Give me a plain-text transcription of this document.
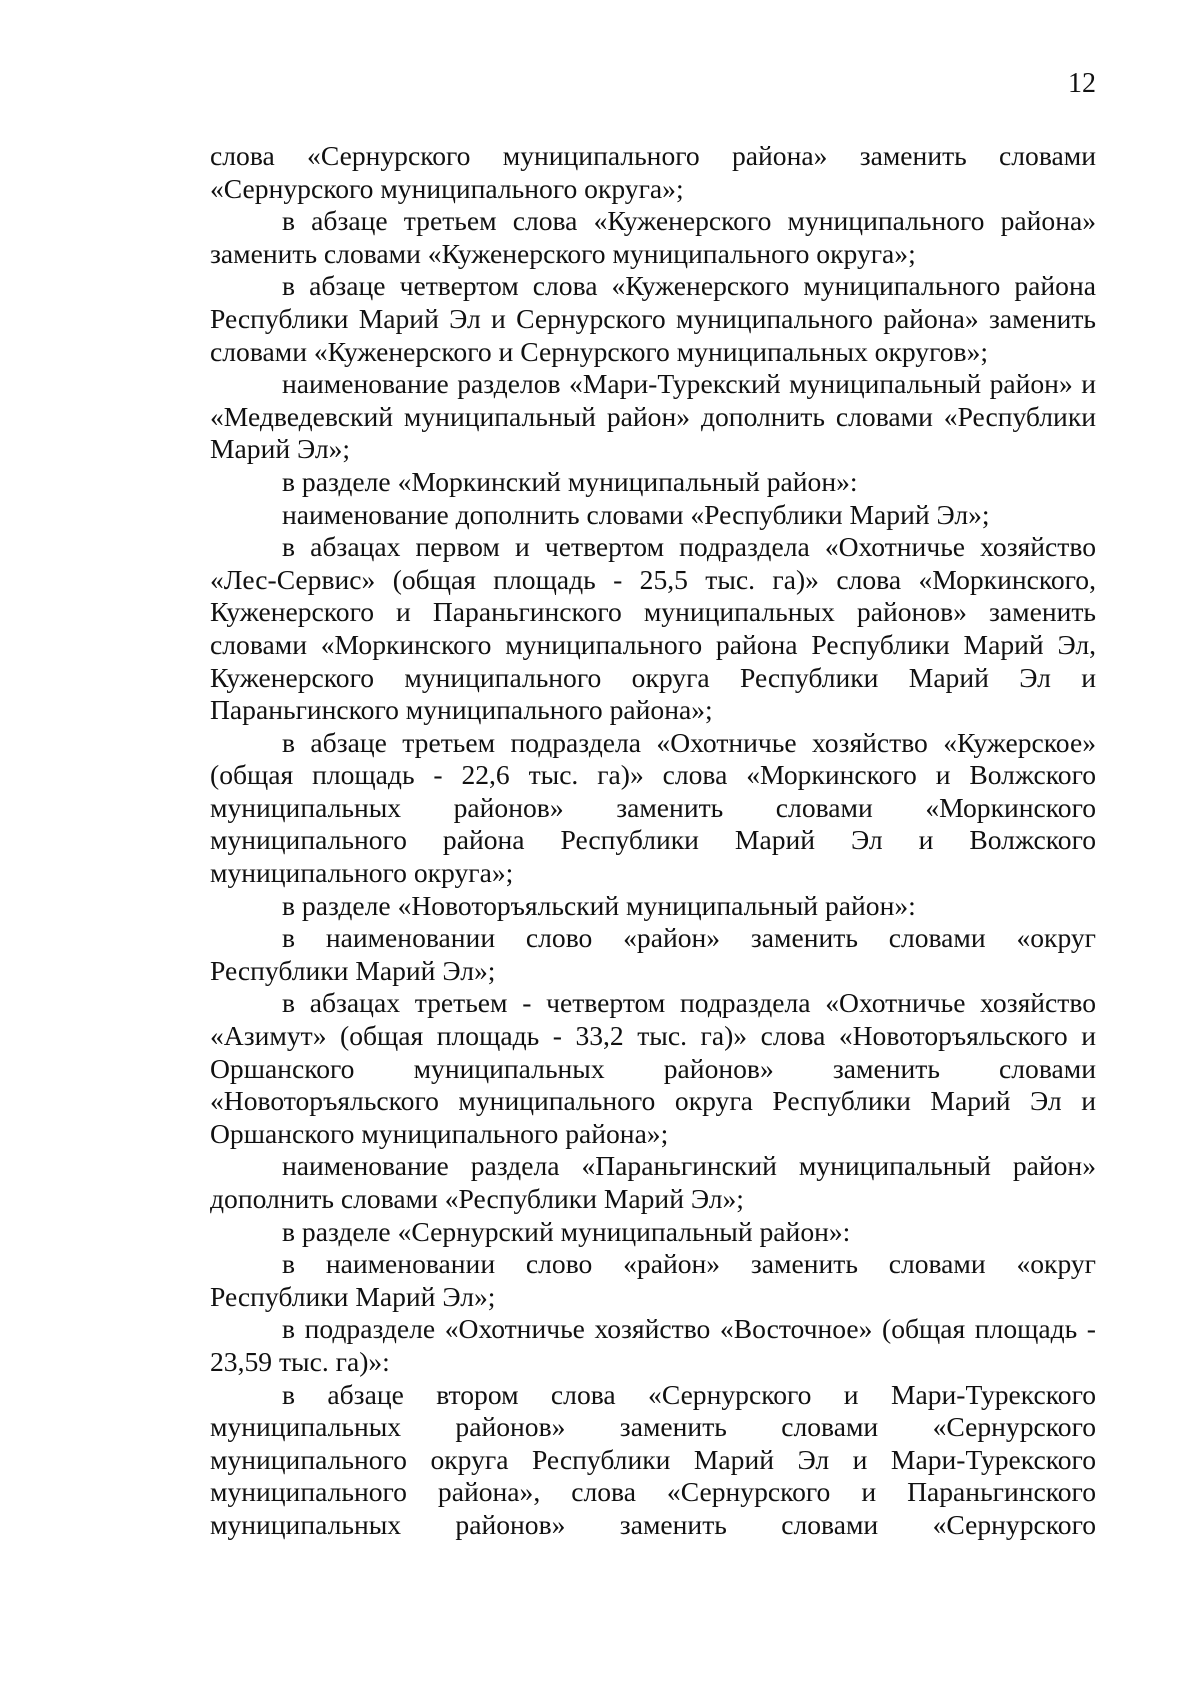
12

слова «Сернурского муниципального района» заменить словами «Сернурского муниципального округа»;

в абзаце третьем слова «Куженерского муниципального района» заменить словами «Куженерского муниципального округа»;

в абзаце четвертом слова «Куженерского муниципального района Республики Марий Эл и Сернурского муниципального района» заменить словами «Куженерского и Сернурского муниципальных округов»;

наименование разделов «Мари-Турекский муниципальный район» и «Медведевский муниципальный район» дополнить словами «Республики Марий Эл»;

в разделе «Моркинский муниципальный район»:

наименование дополнить словами «Республики Марий Эл»;

в абзацах первом и четвертом подраздела «Охотничье хозяйство «Лес-Сервис» (общая площадь - 25,5 тыс. га)» слова «Моркинского, Куженерского и Параньгинского муниципальных районов» заменить словами «Моркинского муниципального района Республики Марий Эл, Куженерского муниципального округа Республики Марий Эл и Параньгинского муниципального района»;

в абзаце третьем подраздела «Охотничье хозяйство «Кужерское» (общая площадь - 22,6 тыс. га)» слова «Моркинского и Волжского муниципальных районов» заменить словами «Моркинского муниципального района Республики Марий Эл и Волжского муниципального округа»;

в разделе «Новоторъяльский муниципальный район»:

в наименовании слово «район» заменить словами «округ Республики Марий Эл»;

в абзацах третьем - четвертом подраздела «Охотничье хозяйство «Азимут» (общая площадь - 33,2 тыс. га)» слова «Новоторъяльского и Оршанского муниципальных районов» заменить словами «Новоторъяльского муниципального округа Республики Марий Эл и Оршанского муниципального района»;

наименование раздела «Параньгинский муниципальный район» дополнить словами «Республики Марий Эл»;

в разделе «Сернурский муниципальный район»:

в наименовании слово «район» заменить словами «округ Республики Марий Эл»;

в подразделе «Охотничье хозяйство «Восточное» (общая площадь - 23,59 тыс. га)»:

в абзаце втором слова «Сернурского и Мари-Турекского муниципальных районов» заменить словами «Сернурского муниципального округа Республики Марий Эл и Мари-Турекского муниципального района», слова «Сернурского и Параньгинского муниципальных районов» заменить словами «Сернурского
